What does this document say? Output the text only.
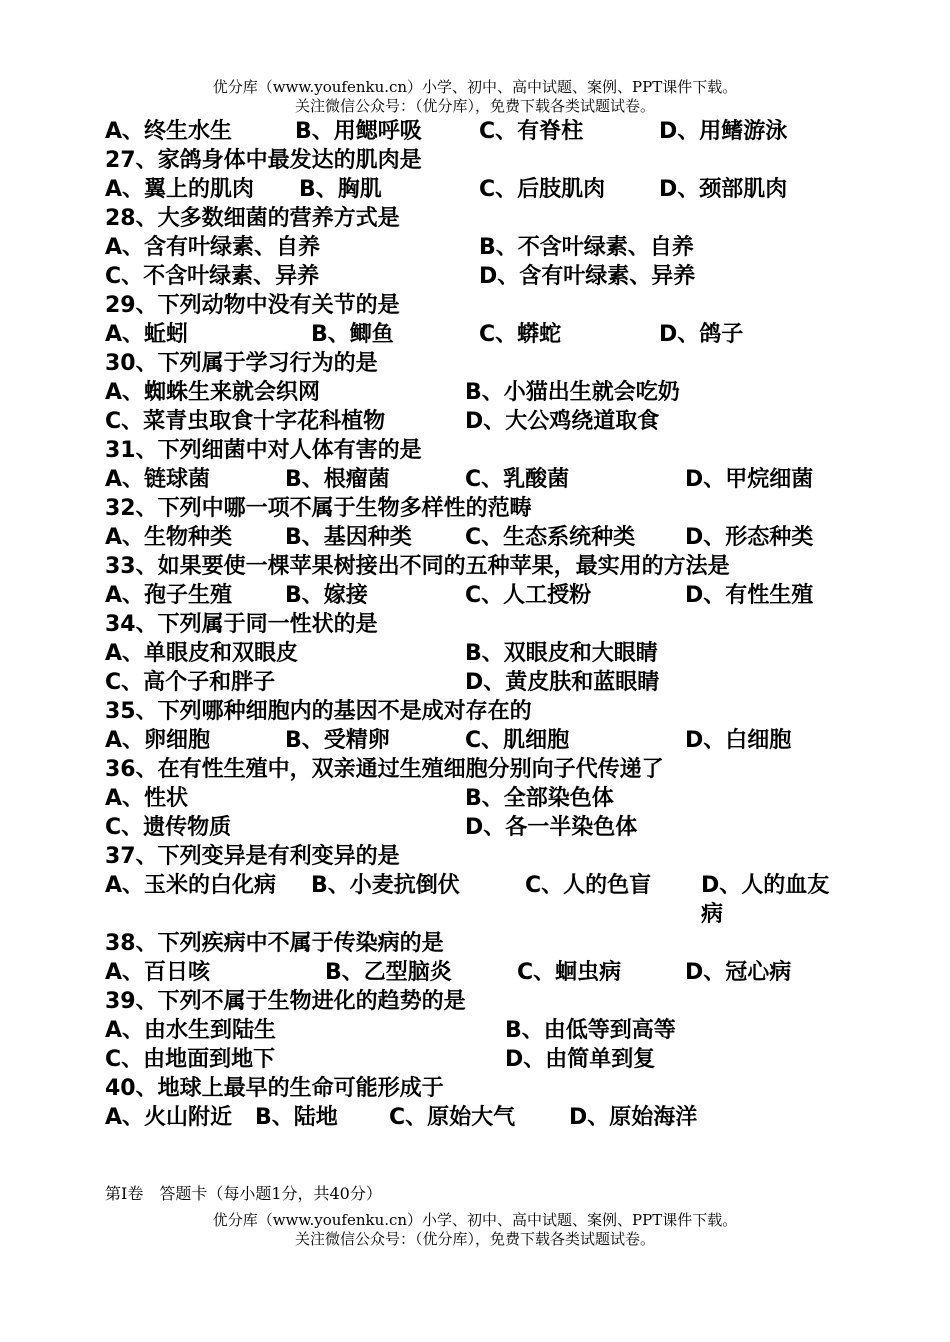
优分库（www.youfenku.cn）小学、初中、高中试题、案例、PPT课件下载。
关注微信公众号：（优分库），免费下载各类试题试卷。
A、终生水生	B、用鳃呼吸	C、有脊柱	D、用鳍游泳
27、家鸽身体中最发达的肌肉是
A、翼上的肌肉 B、胸肌	C、后肢肌肉 D、颈部肌肉
28、大多数细菌的营养方式是
A、含有叶绿素、自养	B、不含叶绿素、自养
C、不含叶绿素、异养	D、含有叶绿素、异养
29、下列动物中没有关节的是
A、蚯蚓	B、鲫鱼	C、蟒蛇	D、鸽子
30、下列属于学习行为的是
A、蜘蛛生来就会织网	B、小猫出生就会吃奶
C、菜青虫取食十字花科植物	D、大公鸡绕道取食
31、下列细菌中对人体有害的是
A、链球菌	B、根瘤菌	C、乳酸菌	D、甲烷细菌
32、下列中哪一项不属于生物多样性的范畴
A、生物种类 B、基因种类 C、生态系统种类 D、形态种类
33、如果要使一棵苹果树接出不同的五种苹果，最实用的方法是
A、孢子生殖 B、嫁接	C、人工授粉	D、有性生殖
34、下列属于同一性状的是
A、单眼皮和双眼皮	B、双眼皮和大眼睛
C、高个子和胖子	D、黄皮肤和蓝眼睛
35、下列哪种细胞内的基因不是成对存在的
A、卵细胞	B、受精卵	C、肌细胞	D、白细胞
36、在有性生殖中，双亲通过生殖细胞分别向子代传递了
A、性状	B、全部染色体
C、遗传物质	D、各一半染色体
37、下列变异是有利变异的是
A、玉米的白化病 B、小麦抗倒伏	C、人的色盲 D、人的血友病
38、下列疾病中不属于传染病的是
A、百日咳	B、乙型脑炎	C、蛔虫病	D、冠心病
39、下列不属于生物进化的趋势的是
A、由水生到陆生	B、由低等到高等
C、由地面到地下	D、由简单到复
40、地球上最早的生命可能形成于
A、火山附近 B、陆地 C、原始大气 D、原始海洋
第Ⅰ卷　答题卡（每小题1分，共40分）
优分库（www.youfenku.cn）小学、初中、高中试题、案例、PPT课件下载。
关注微信公众号：（优分库），免费下载各类试题试卷。
